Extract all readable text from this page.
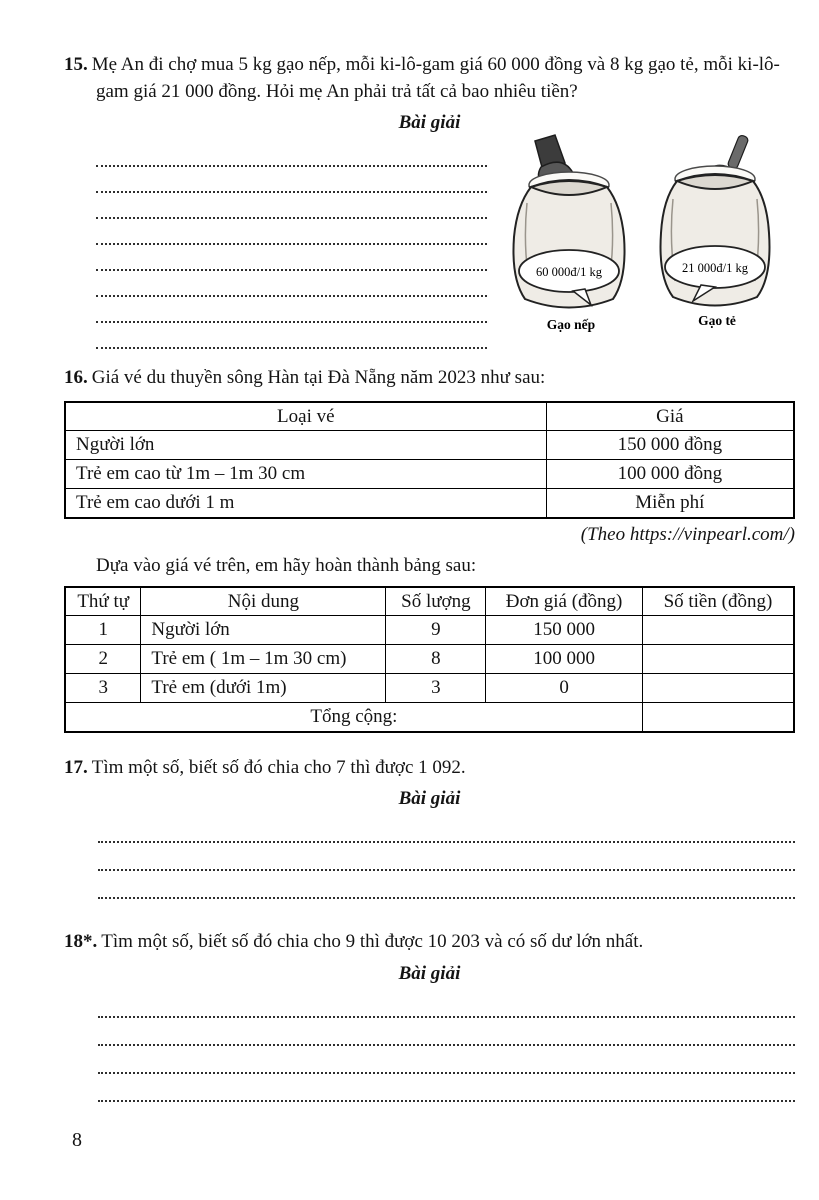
15. Mẹ An đi chợ mua 5 kg gạo nếp, mỗi ki-lô-gam giá 60 000 đồng và 8 kg gạo tẻ, mỗi ki-lô-gam giá 21 000 đồng. Hỏi mẹ An phải trả tất cả bao nhiêu tiền?

Bài giải
60 000đ/1 kg
Gạo nếp
21 000đ/1 kg
Gạo tẻ

16. Giá vé du thuyền sông Hàn tại Đà Nẵng năm 2023 như sau:

Loại vé	Giá
Người lớn	150 000 đồng
Trẻ em cao từ 1m – 1m 30 cm	100 000 đồng
Trẻ em cao dưới 1 m	Miễn phí
(Theo https://vinpearl.com/)

Dựa vào giá vé trên, em hãy hoàn thành bảng sau:

Thứ tự	Nội dung	Số lượng	Đơn giá (đồng)	Số tiền (đồng)
1	Người lớn	9	150 000	
2	Trẻ em ( 1m – 1m 30 cm)	8	100 000	
3	Trẻ em (dưới 1m)	3	0	
Tổng cộng:				

17. Tìm một số, biết số đó chia cho 7 thì được 1 092.

Bài giải

18*. Tìm một số, biết số đó chia cho 9 thì được 10 203 và có số dư lớn nhất.

Bài giải
8
